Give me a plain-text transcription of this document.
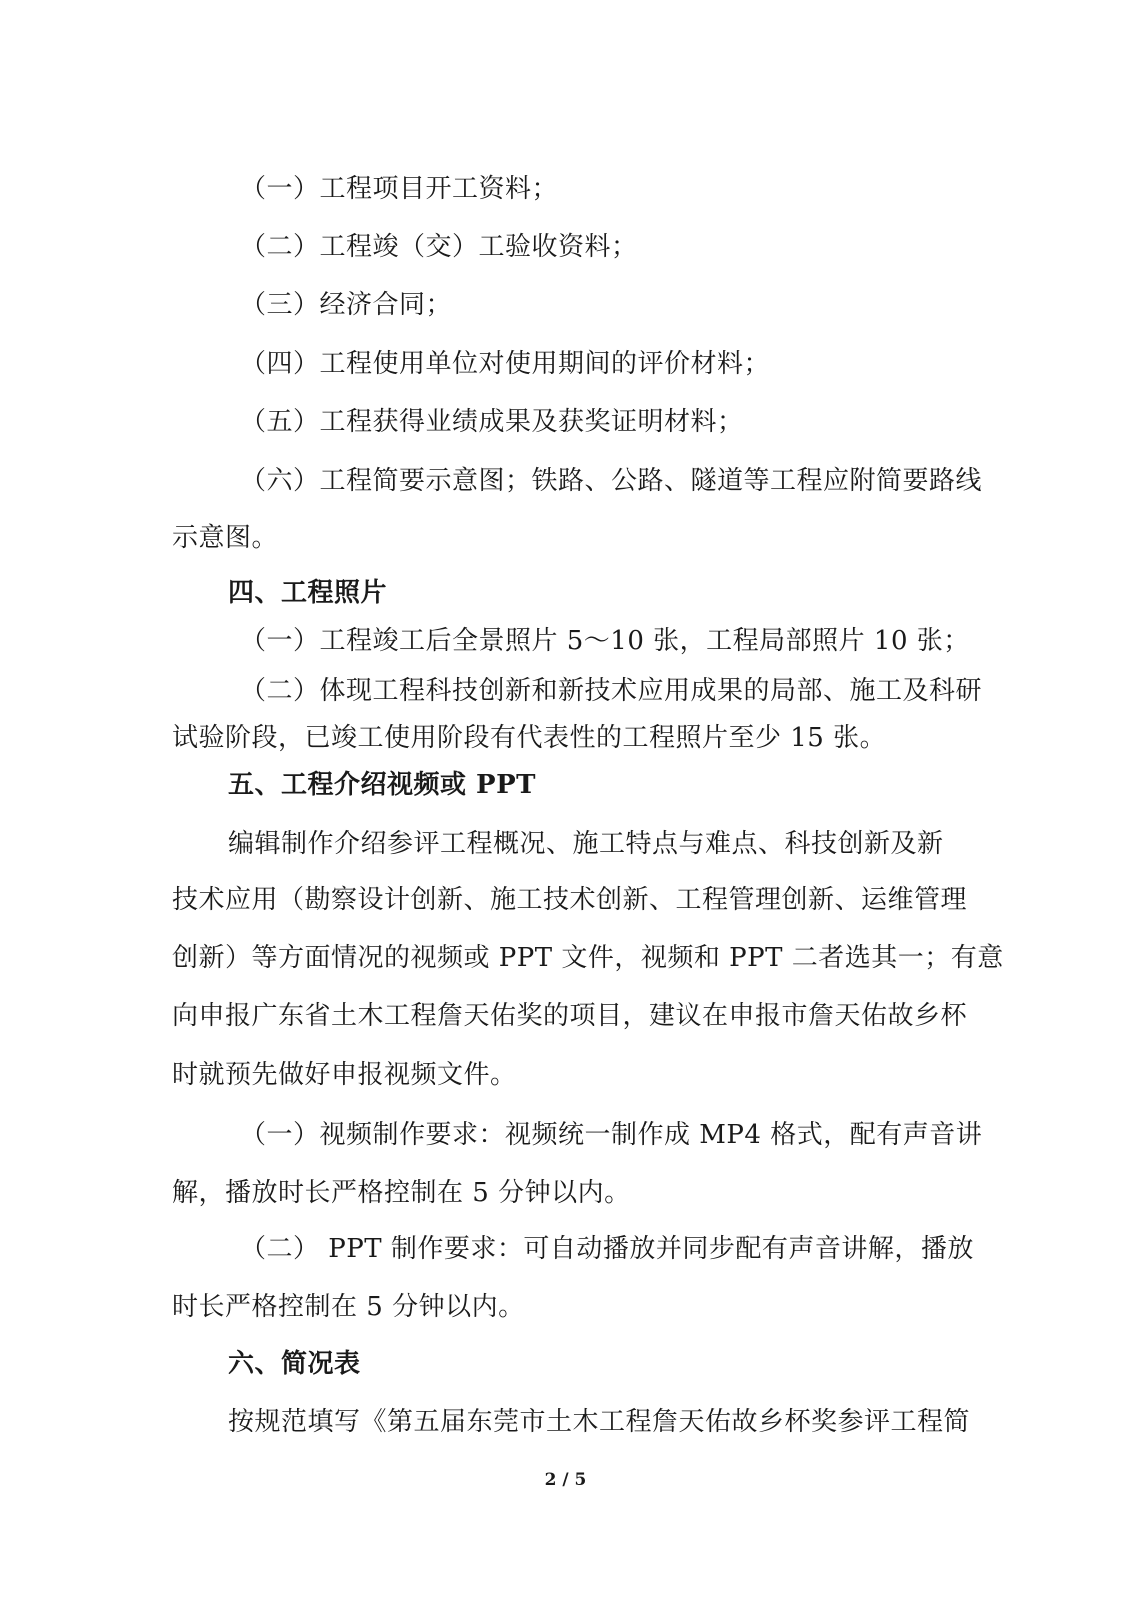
（一）工程项目开工资料；
（二）工程竣（交）工验收资料；
（三）经济合同；
（四）工程使用单位对使用期间的评价材料；
（五）工程获得业绩成果及获奖证明材料；
（六）工程简要示意图；铁路、公路、隧道等工程应附简要路线
示意图。
四、工程照片
（一）工程竣工后全景照片 5～10 张，工程局部照片 10 张；
（二）体现工程科技创新和新技术应用成果的局部、施工及科研
试验阶段，已竣工使用阶段有代表性的工程照片至少 15 张。
五、工程介绍视频或 PPT
编辑制作介绍参评工程概况、施工特点与难点、科技创新及新
技术应用（勘察设计创新、施工技术创新、工程管理创新、运维管理
创新）等方面情况的视频或 PPT 文件，视频和 PPT 二者选其一；有意
向申报广东省土木工程詹天佑奖的项目，建议在申报市詹天佑故乡杯
时就预先做好申报视频文件。
（一）视频制作要求：视频统一制作成 MP4 格式，配有声音讲
解，播放时长严格控制在 5 分钟以内。
（二） PPT 制作要求：可自动播放并同步配有声音讲解，播放
时长严格控制在 5 分钟以内。
六、简况表
按规范填写《第五届东莞市土木工程詹天佑故乡杯奖参评工程简
2 / 5
